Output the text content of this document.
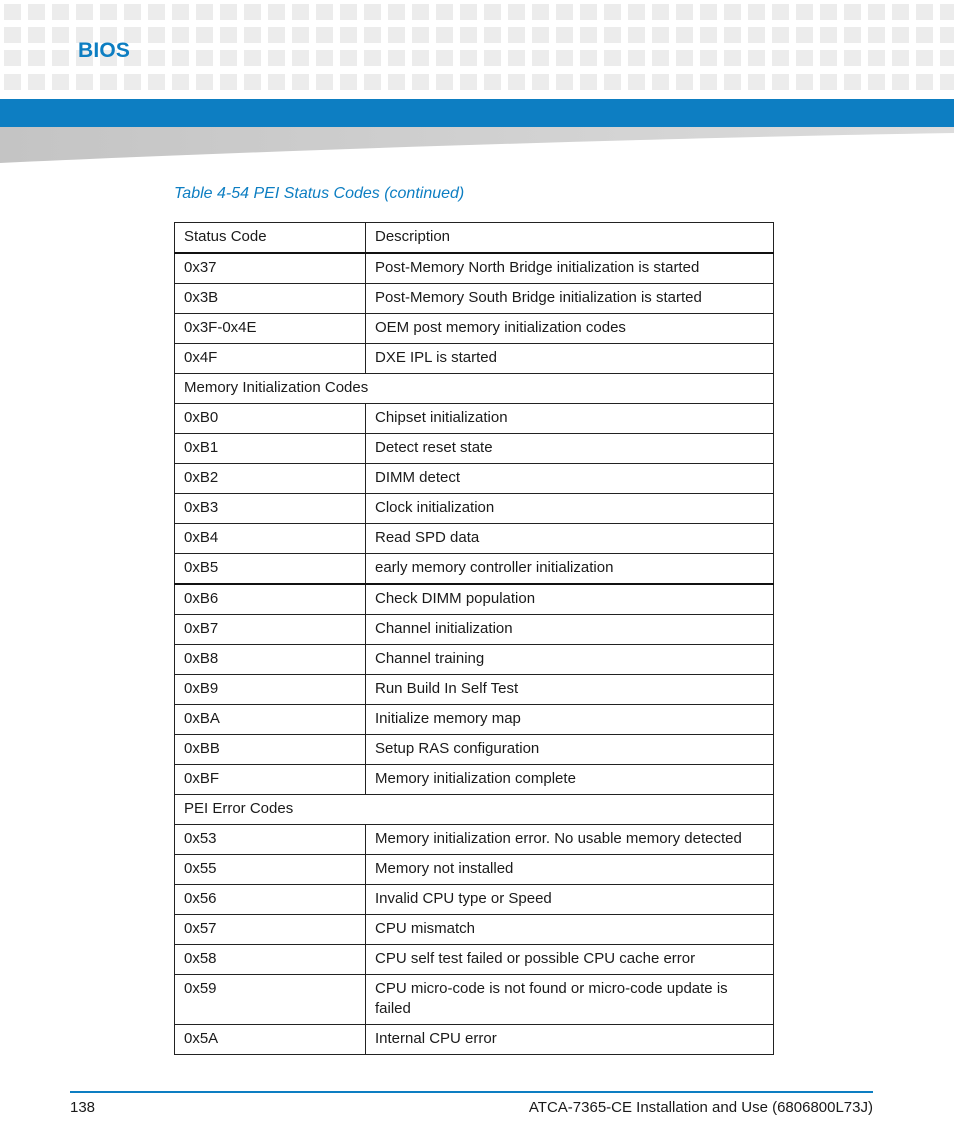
BIOS
Table 4-54 PEI Status Codes (continued)
Status Code	Description
0x37	Post-Memory North Bridge initialization is started
0x3B	Post-Memory South Bridge initialization is started
0x3F-0x4E	OEM post memory initialization codes
0x4F	DXE IPL is started
Memory Initialization Codes	
0xB0	Chipset initialization
0xB1	Detect reset state
0xB2	DIMM detect
0xB3	Clock initialization
0xB4	Read SPD data
0xB5	early memory controller initialization
0xB6	Check DIMM population
0xB7	Channel initialization
0xB8	Channel training
0xB9	Run Build In Self Test
0xBA	Initialize memory map
0xBB	Setup RAS configuration
0xBF	Memory initialization complete
PEI Error Codes	
0x53	Memory initialization error. No usable memory detected
0x55	Memory not installed
0x56	Invalid CPU type or Speed
0x57	CPU mismatch
0x58	CPU self test failed or possible CPU cache error
0x59	CPU micro-code is not found or micro-code update is failed
0x5A	Internal CPU error
138	ATCA-7365-CE Installation and Use (6806800L73J)
